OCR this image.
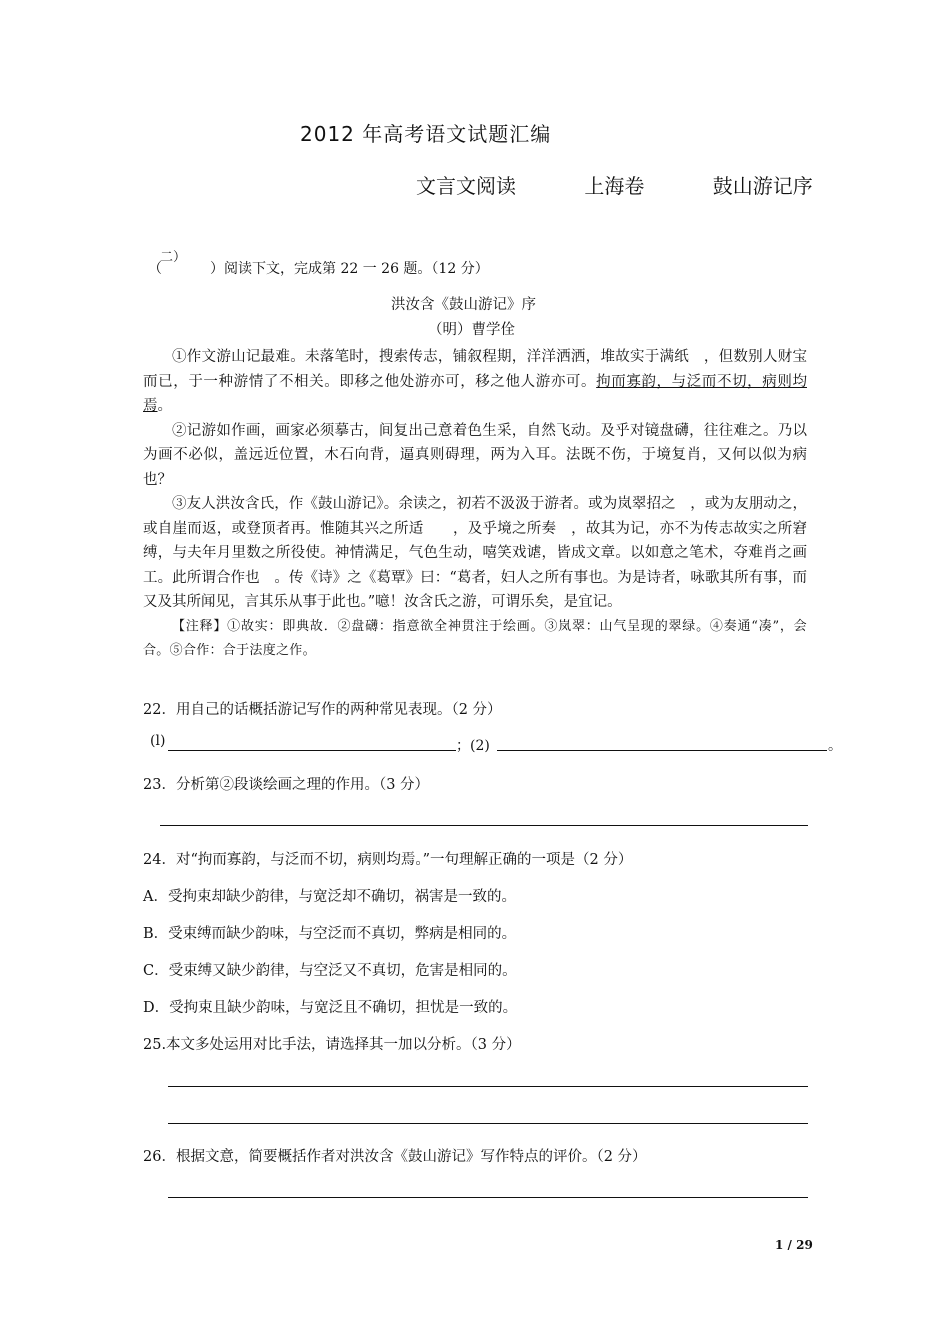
2012 年高考语文试题汇编
文言文阅读	上海卷	鼓山游记序
（
二）
）阅读下文，完成第 22 一 26 题。（12 分）
洪汝含《鼓山游记》序
（明）曹学佺

①作文游山记最难。未落笔时，搜索传志，铺叙程期，洋洋洒洒，堆故实于满纸　，但数别人财宝而已，于一种游情了不相关。即移之他处游亦可，移之他人游亦可。拘而寡韵，与泛而不切，病则均焉。

②记游如作画，画家必须摹古，间复出己意着色生采，自然飞动。及乎对镜盘礴，往往难之。乃以为画不必似，盖远近位置，木石向背，逼真则碍理，两为入耳。法既不伤，于境复肖，又何以似为病也？

③友人洪汝含氏，作《鼓山游记》。余读之，初若不汲汲于游者。或为岚翠招之　，或为友朋动之，或自崖而返，或登顶者再。惟随其兴之所适　　，及乎境之所奏　，故其为记，亦不为传志故实之所窘缚，与夫年月里数之所役使。神情满足，气色生动，嘻笑戏谑，皆成文章。以如意之笔术，夺难肖之画工。此所谓合作也　。传《诗》之《葛覃》曰：“葛者，妇人之所有事也。为是诗者，咏歌其所有事，而又及其所闻见，言其乐从事于此也。”噫！汝含氏之游，可谓乐矣，是宜记。

【注释】①故实：即典故．②盘礴：指意欲全神贯注于绘画。③岚翠：山气呈现的翠绿。④奏通“凑”，会合。⑤合作：合于法度之作。

22．用自己的话概括游记写作的两种常见表现。（2 分）
(l)	；(2)	。
23．分析第②段谈绘画之理的作用。（3 分）
24．对“拘而寡韵，与泛而不切，病则均焉。”一句理解正确的一项是（2 分）
A．受拘束却缺少韵律，与宽泛却不确切，祸害是一致的。
B．受束缚而缺少韵味，与空泛而不真切，弊病是相同的。
C．受束缚又缺少韵律，与空泛又不真切，危害是相同的。
D．受拘束且缺少韵味，与宽泛且不确切，担忧是一致的。
25.本文多处运用对比手法，请选择其一加以分析。（3 分）
26．根据文意，简要概括作者对洪汝含《鼓山游记》写作特点的评价。（2 分）
1 / 29
